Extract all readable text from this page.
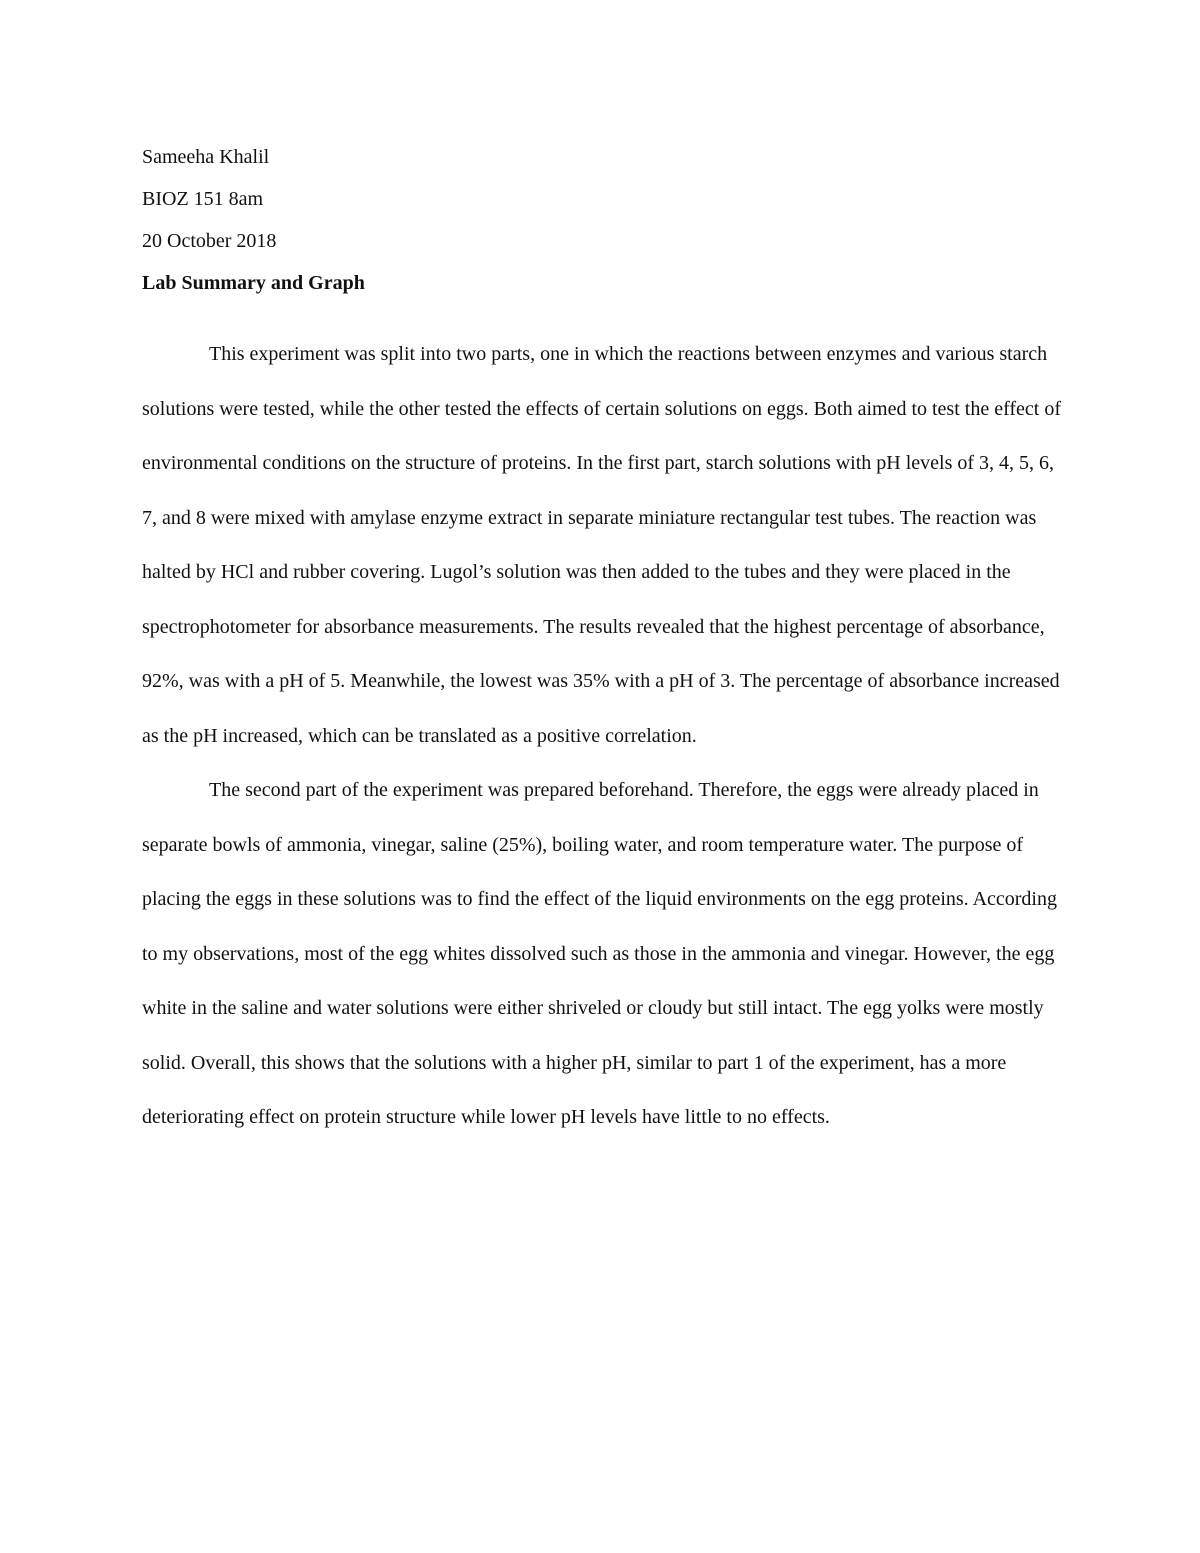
Sameeha Khalil

BIOZ 151 8am

20 October 2018

Lab Summary and Graph

This experiment was split into two parts, one in which the reactions between enzymes and various starch solutions were tested, while the other tested the effects of certain solutions on eggs. Both aimed to test the effect of environmental conditions on the structure of proteins. In the first part, starch solutions with pH levels of 3, 4, 5, 6, 7, and 8 were mixed with amylase enzyme extract in separate miniature rectangular test tubes. The reaction was halted by HCl and rubber covering. Lugol’s solution was then added to the tubes and they were placed in the spectrophotometer for absorbance measurements. The results revealed that the highest percentage of absorbance, 92%, was with a pH of 5. Meanwhile, the lowest was 35% with a pH of 3. The percentage of absorbance increased as the pH increased, which can be translated as a positive correlation.

The second part of the experiment was prepared beforehand. Therefore, the eggs were already placed in separate bowls of ammonia, vinegar, saline (25%), boiling water, and room temperature water. The purpose of placing the eggs in these solutions was to find the effect of the liquid environments on the egg proteins. According to my observations, most of the egg whites dissolved such as those in the ammonia and vinegar. However, the egg white in the saline and water solutions were either shriveled or cloudy but still intact. The egg yolks were mostly solid. Overall, this shows that the solutions with a higher pH, similar to part 1 of the experiment, has a more deteriorating effect on protein structure while lower pH levels have little to no effects.
